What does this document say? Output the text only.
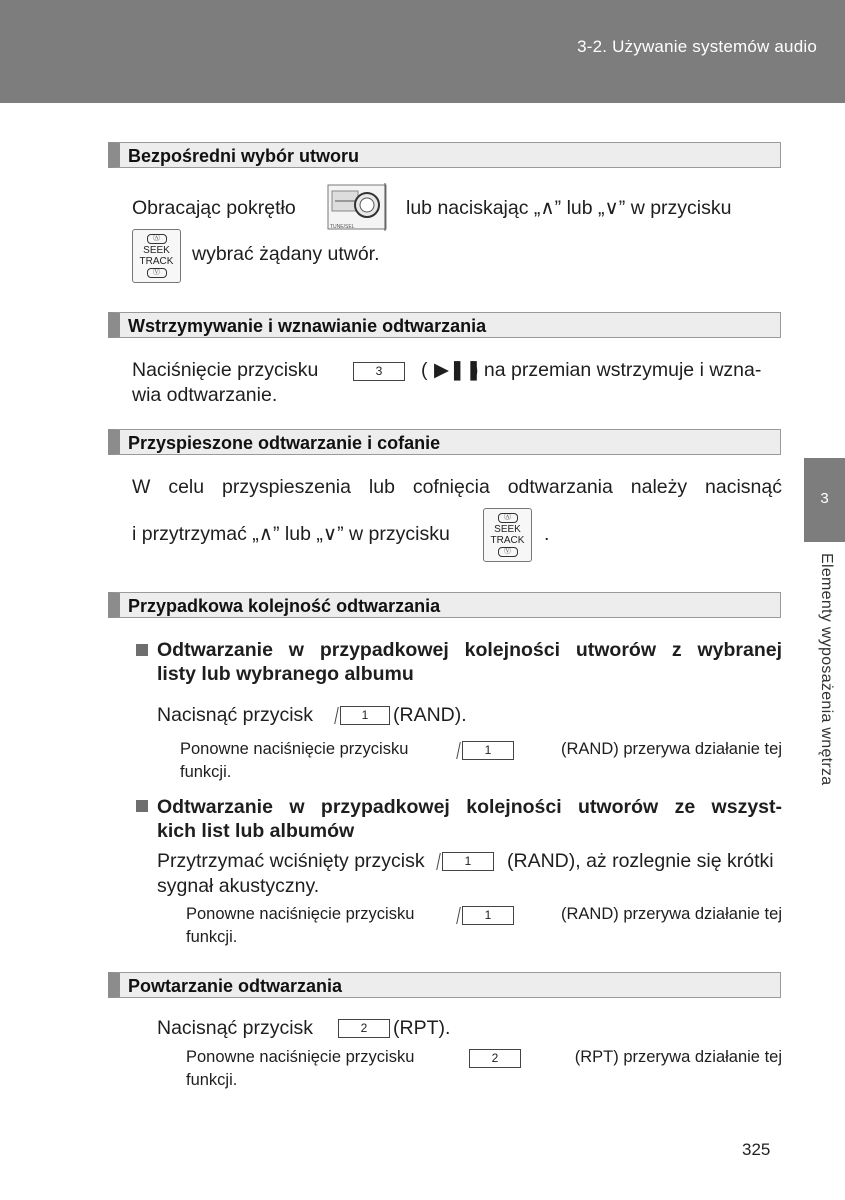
3-2. Używanie systemów audio
3
Elementy wyposażenia wnętrza
Bezpośredni wybór utworu
Obracając pokrętło	lub naciskając „∧” lub „∨” w przycisku
Ⓐ
SEEK
TRACK
Ⓥ
wybrać żądany utwór.
Wstrzymywanie i wznawianie odtwarzania
Naciśnięcie przycisku	3	( ▶❚❚
) na przemian wstrzymuje i wzna-
wia odtwarzanie.
Przyspieszone odtwarzanie i cofanie
W celu przyspieszenia lub cofnięcia odtwarzania należy nacisnąć
i przytrzymać „∧” lub „∨” w przycisku
Ⓐ
SEEK
TRACK
Ⓥ
.
Przypadkowa kolejność odtwarzania
Odtwarzanie w przypadkowej kolejności utworów z wybranej
listy lub wybranego albumu
Nacisnąć przycisk	1	(RAND).
Ponowne naciśnięcie przycisku	1	(RAND) przerywa działanie tej
funkcji.
Odtwarzanie w przypadkowej kolejności utworów ze wszyst-
kich list lub albumów
Przytrzymać wciśnięty przycisk	1	(RAND), aż rozlegnie się krótki
sygnał akustyczny.
Ponowne naciśnięcie przycisku	1	(RAND) przerywa działanie tej
funkcji.
Powtarzanie odtwarzania
Nacisnąć przycisk	2	(RPT).
Ponowne naciśnięcie przycisku	2	(RPT) przerywa działanie tej
funkcji.
325
TUNE/SEL
